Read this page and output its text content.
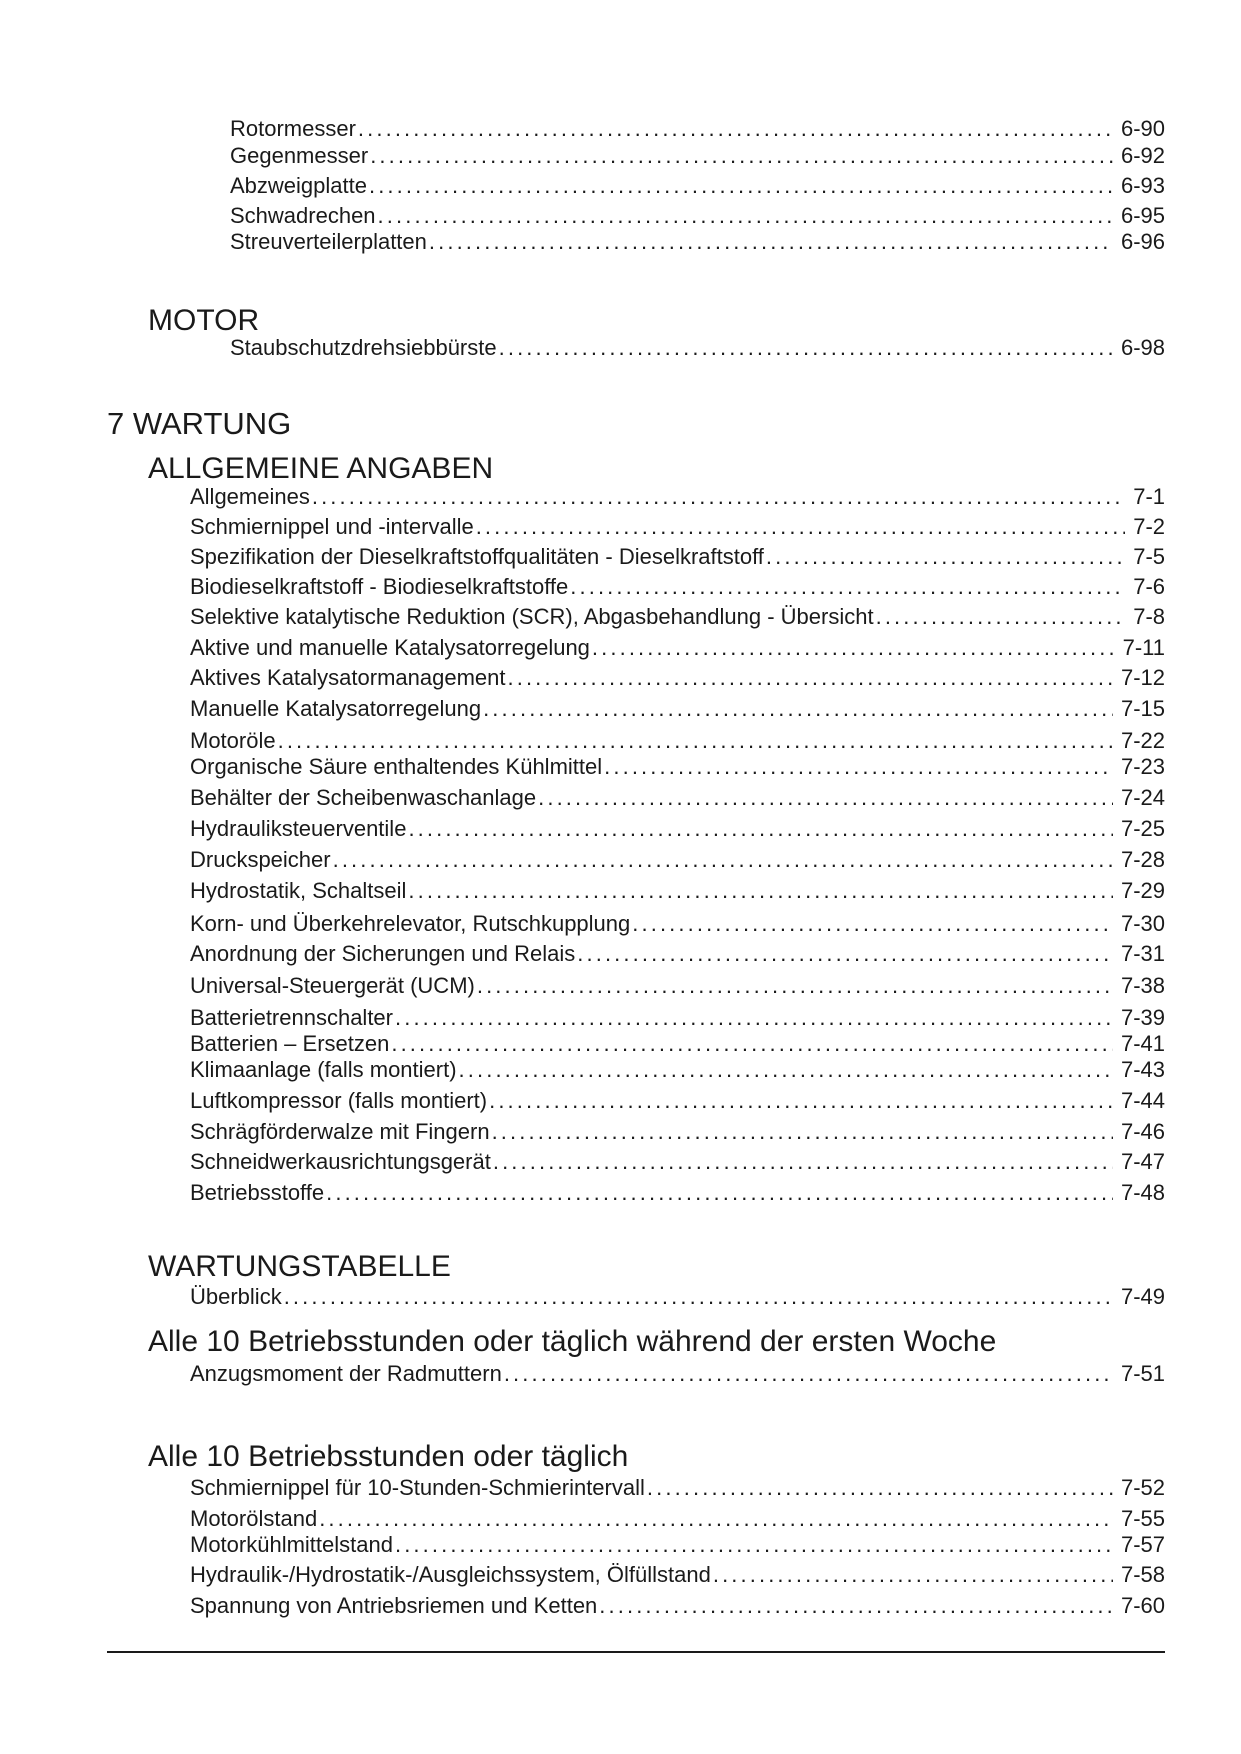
Rotormesser . . .	6-90
Gegenmesser . . .	6-92
Abzweigplatte . . .	6-93
Schwadrechen . . .	6-95
Streuverteilerplatten . . .	6-96
MOTOR
Staubschutzdrehsiebbürste . . .	6-98
7 WARTUNG
ALLGEMEINE ANGABEN
Allgemeines . . .	7-1
Schmiernippel und -intervalle . . .	7-2
Spezifikation der Dieselkraftstoffqualitäten - Dieselkraftstoff . . .	7-5
Biodieselkraftstoff - Biodieselkraftstoffe . . .	7-6
Selektive katalytische Reduktion (SCR), Abgasbehandlung - Übersicht . . .	7-8
Aktive und manuelle Katalysatorregelung . . .	7-11
Aktives Katalysatormanagement . . .	7-12
Manuelle Katalysatorregelung . . .	7-15
Motoröle . . .	7-22
Organische Säure enthaltendes Kühlmittel . . .	7-23
Behälter der Scheibenwaschanlage . . .	7-24
Hydrauliksteuerventile . . .	7-25
Druckspeicher . . .	7-28
Hydrostatik, Schaltseil . . .	7-29
Korn- und Überkehrelevator, Rutschkupplung . . .	7-30
Anordnung der Sicherungen und Relais . . .	7-31
Universal-Steuergerät (UCM) . . .	7-38
Batterietrennschalter . . .	7-39
Batterien – Ersetzen . . .	7-41
Klimaanlage (falls montiert) . . .	7-43
Luftkompressor (falls montiert) . . .	7-44
Schrägförderwalze mit Fingern . . .	7-46
Schneidwerkausrichtungsgerät . . .	7-47
Betriebsstoffe . . .	7-48
WARTUNGSTABELLE
Überblick . . .	7-49
Alle 10 Betriebsstunden oder täglich während der ersten Woche
Anzugsmoment der Radmuttern . . .	7-51
Alle 10 Betriebsstunden oder täglich
Schmiernippel für 10-Stunden-Schmierintervall . . .	7-52
Motorölstand . . .	7-55
Motorkühlmittelstand . . .	7-57
Hydraulik-/Hydrostatik-/Ausgleichssystem, Ölfüllstand . . .	7-58
Spannung von Antriebsriemen und Ketten . . .	7-60
